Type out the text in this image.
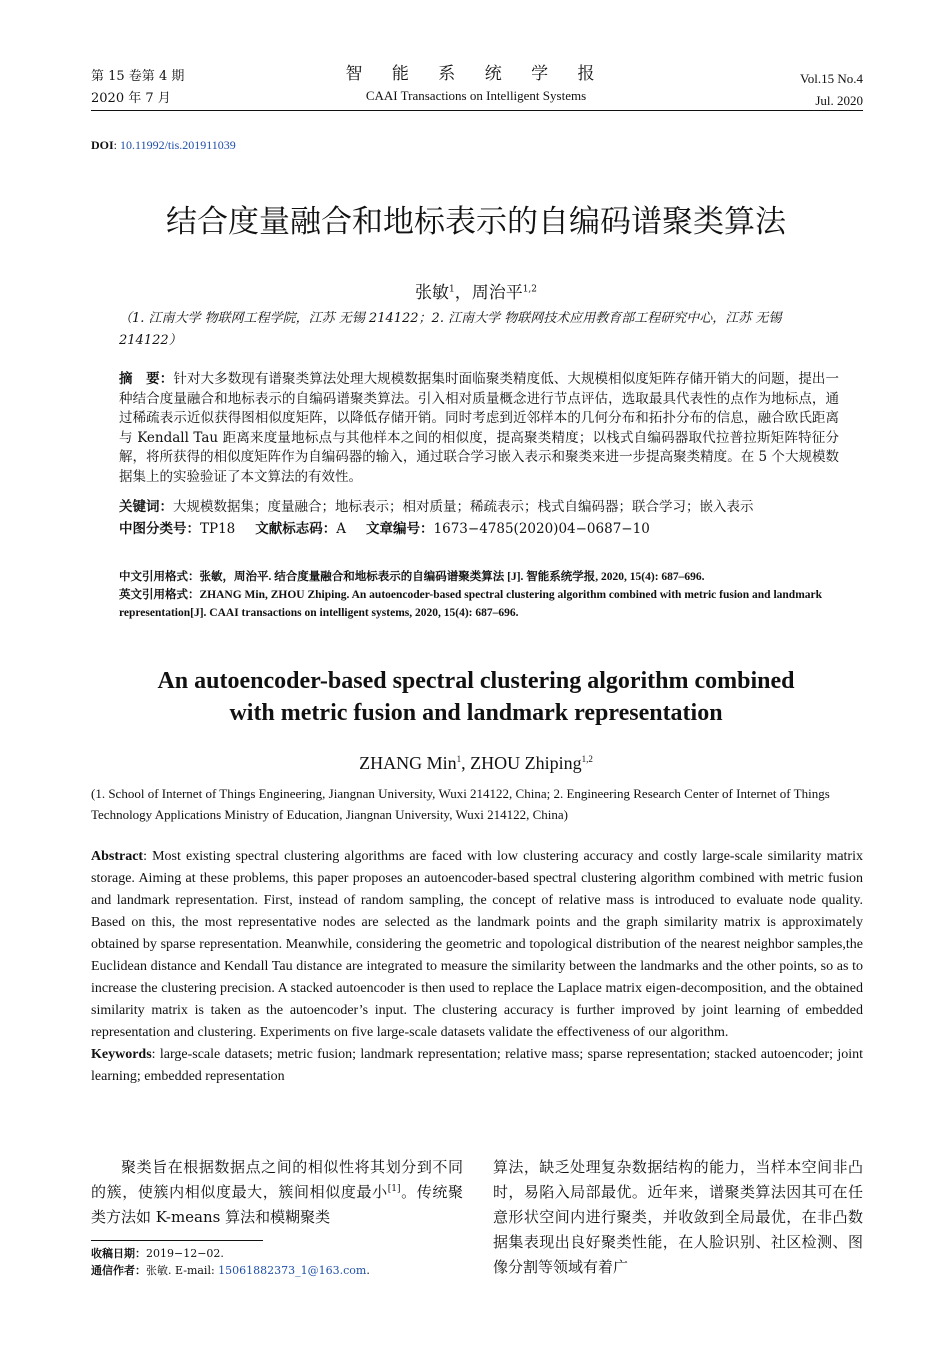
第 15 卷第 4 期
2020 年 7 月
智 能 系 统 学 报
CAAI Transactions on Intelligent Systems
Vol.15 No.4
Jul. 2020
DOI: 10.11992/tis.201911039
结合度量融合和地标表示的自编码谱聚类算法
张敏$^1$，周治平$^{1,2}$
（1. 江南大学 物联网工程学院，江苏 无锡 214122；2. 江南大学 物联网技术应用教育部工程研究中心，江苏 无锡 214122）
摘　要：针对大多数现有谱聚类算法处理大规模数据集时面临聚类精度低、大规模相似度矩阵存储开销大的问题，提出一种结合度量融合和地标表示的自编码谱聚类算法。引入相对质量概念进行节点评估，选取最具代表性的点作为地标点，通过稀疏表示近似获得图相似度矩阵，以降低存储开销。同时考虑到近邻样本的几何分布和拓扑分布的信息，融合欧氏距离与 Kendall Tau 距离来度量地标点与其他样本之间的相似度，提高聚类精度；以栈式自编码器取代拉普拉斯矩阵特征分解，将所获得的相似度矩阵作为自编码器的输入，通过联合学习嵌入表示和聚类来进一步提高聚类精度。在 5 个大规模数据集上的实验验证了本文算法的有效性。
关键词：大规模数据集；度量融合；地标表示；相对质量；稀疏表示；栈式自编码器；联合学习；嵌入表示
中图分类号：TP18 文献标志码：A 文章编号：1673−4785(2020)04−0687−10
中文引用格式：张敏，周治平. 结合度量融合和地标表示的自编码谱聚类算法 [J]. 智能系统学报, 2020, 15(4): 687–696.
英文引用格式：ZHANG Min, ZHOU Zhiping. An autoencoder-based spectral clustering algorithm combined with metric fusion and landmark representation[J]. CAAI transactions on intelligent systems, 2020, 15(4): 687–696.
An autoencoder-based spectral clustering algorithm combined
with metric fusion and landmark representation
ZHANG Min$^1$, ZHOU Zhiping$^{1,2}$
(1. School of Internet of Things Engineering, Jiangnan University, Wuxi 214122, China; 2. Engineering Research Center of Internet of Things Technology Applications Ministry of Education, Jiangnan University, Wuxi 214122, China)
Abstract: Most existing spectral clustering algorithms are faced with low clustering accuracy and costly large-scale similarity matrix storage. Aiming at these problems, this paper proposes an autoencoder-based spectral clustering algorithm combined with metric fusion and landmark representation. First, instead of random sampling, the concept of relative mass is introduced to evaluate node quality. Based on this, the most representative nodes are selected as the landmark points and the graph similarity matrix is approximately obtained by sparse representation. Meanwhile, considering the geometric and topological distribution of the nearest neighbor samples,the Euclidean distance and Kendall Tau distance are integrated to measure the similarity between the landmarks and the other points, so as to increase the clustering precision. A stacked autoencoder is then used to replace the Laplace matrix eigen-decomposition, and the obtained similarity matrix is taken as the autoencoder’s input. The clustering accuracy is further improved by joint learning of embedded representation and clustering. Experiments on five large-scale datasets validate the effectiveness of our algorithm.
Keywords: large-scale datasets; metric fusion; landmark representation; relative mass; sparse representation; stacked autoencoder; joint learning; embedded representation
聚类旨在根据数据点之间的相似性将其划分到不同的簇，使簇内相似度最大，簇间相似度最小[1]。传统聚类方法如 K-means 算法和模糊聚类
算法，缺乏处理复杂数据结构的能力，当样本空间非凸时，易陷入局部最优。近年来，谱聚类算法因其可在任意形状空间内进行聚类，并收敛到全局最优，在非凸数据集表现出良好聚类性能，在人脸识别、社区检测、图像分割等领域有着广
收稿日期：2019−12−02.
通信作者：张敏. E-mail: 15061882373_1@163.com.
